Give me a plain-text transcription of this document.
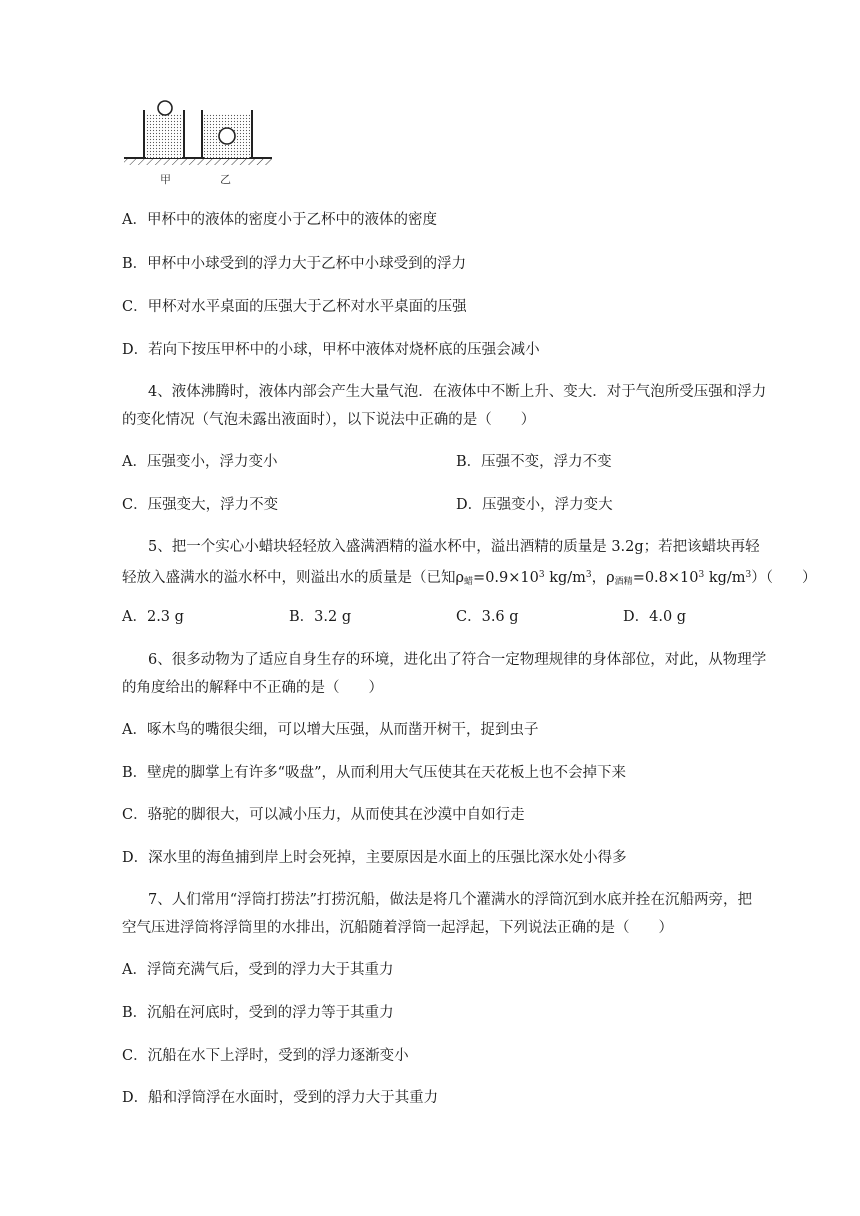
甲	乙
A．甲杯中的液体的密度小于乙杯中的液体的密度
B．甲杯中小球受到的浮力大于乙杯中小球受到的浮力
C．甲杯对水平桌面的压强大于乙杯对水平桌面的压强
D．若向下按压甲杯中的小球，甲杯中液体对烧杯底的压强会减小
4、液体沸腾时，液体内部会产生大量气泡．在液体中不断上升、变大．对于气泡所受压强和浮力
的变化情况（气泡未露出液面时），以下说法中正确的是（　　）
A．压强变小，浮力变小	B．压强不变，浮力不变
C．压强变大，浮力不变	D．压强变小，浮力变大
5、把一个实心小蜡块轻轻放入盛满酒精的溢水杯中，溢出酒精的质量是 3.2g；若把该蜡块再轻
轻放入盛满水的溢水杯中，则溢出水的质量是（已知$\rho_蜡=0.9\times 10^3$ $kg/m^3$，$\rho_{酒精}=0.8\times 10^3$ $kg/m^3$）（　　）
A．2.3 g	B．3.2 g	C．3.6 g	D．4.0 g
6、很多动物为了适应自身生存的环境，进化出了符合一定物理规律的身体部位，对此，从物理学
的角度给出的解释中不正确的是（　　）
A．啄木鸟的嘴很尖细，可以增大压强，从而凿开树干，捉到虫子
B．壁虎的脚掌上有许多“吸盘”，从而利用大气压使其在天花板上也不会掉下来
C．骆驼的脚很大，可以减小压力，从而使其在沙漠中自如行走
D．深水里的海鱼捕到岸上时会死掉，主要原因是水面上的压强比深水处小得多
7、人们常用“浮筒打捞法”打捞沉船，做法是将几个灌满水的浮筒沉到水底并拴在沉船两旁，把
空气压进浮筒将浮筒里的水排出，沉船随着浮筒一起浮起，下列说法正确的是（　　）
A．浮筒充满气后，受到的浮力大于其重力
B．沉船在河底时，受到的浮力等于其重力
C．沉船在水下上浮时，受到的浮力逐渐变小
D．船和浮筒浮在水面时，受到的浮力大于其重力
